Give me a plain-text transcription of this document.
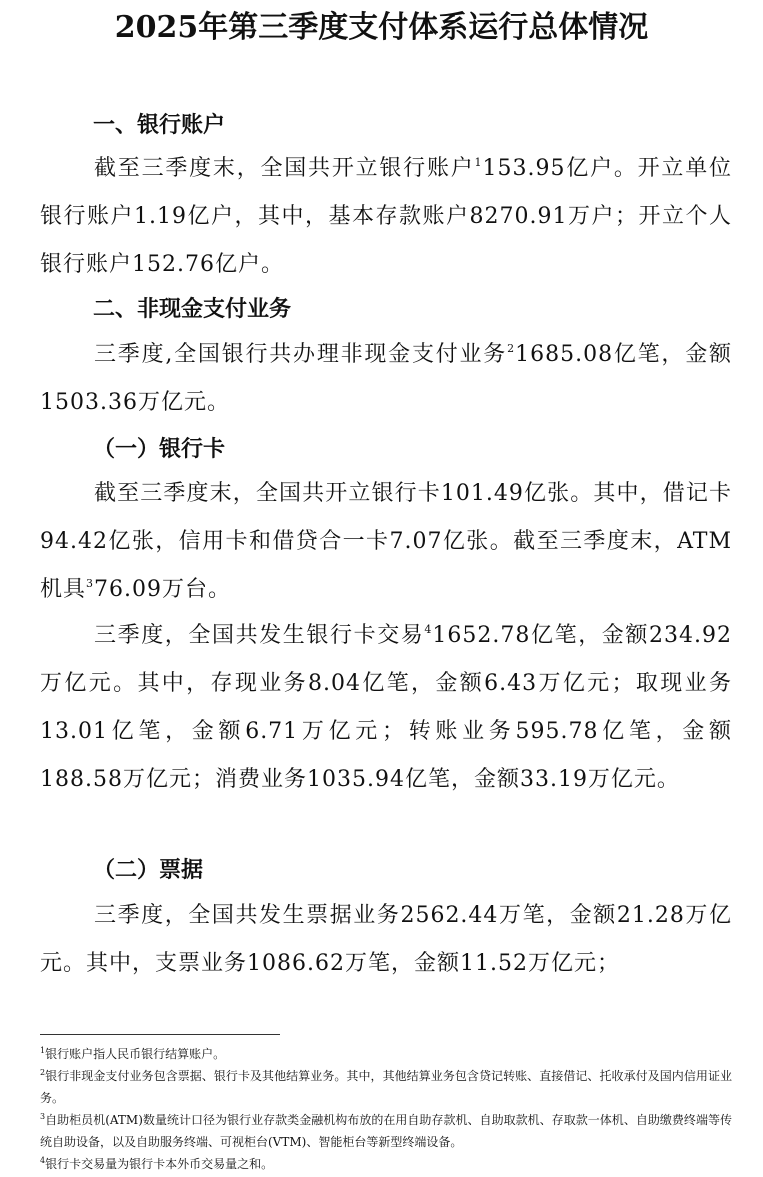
2025年第三季度支付体系运行总体情况
一、银行账户

截至三季度末，全国共开立银行账户$^1$153.95亿户。开立单位银行账户1.19亿户，其中，基本存款账户8270.91万户；开立个人银行账户152.76亿户。

二、非现金支付业务

三季度,全国银行共办理非现金支付业务$^2$1685.08亿笔，金额1503.36万亿元。

（一）银行卡

截至三季度末，全国共开立银行卡101.49亿张。其中，借记卡94.42亿张，信用卡和借贷合一卡7.07亿张。截至三季度末，ATM机具$^3$76.09万台。

三季度，全国共发生银行卡交易$^4$1652.78亿笔，金额234.92万亿元。其中，存现业务8.04亿笔，金额6.43万亿元；取现业务13.01亿笔，金额6.71万亿元；转账业务595.78亿笔，金额188.58万亿元；消费业务1035.94亿笔，金额33.19万亿元。

（二）票据

三季度，全国共发生票据业务2562.44万笔，金额21.28万亿元。其中，支票业务1086.62万笔，金额11.52万亿元；

$^1$银行账户指人民币银行结算账户。

$^2$银行非现金支付业务包含票据、银行卡及其他结算业务。其中，其他结算业务包含贷记转账、直接借记、托收承付及国内信用证业务。

$^3$自助柜员机(ATM)数量统计口径为银行业存款类金融机构布放的在用自助存款机、自助取款机、存取款一体机、自助缴费终端等传统自助设备，以及自助服务终端、可视柜台(VTM)、智能柜台等新型终端设备。

$^4$银行卡交易量为银行卡本外币交易量之和。
